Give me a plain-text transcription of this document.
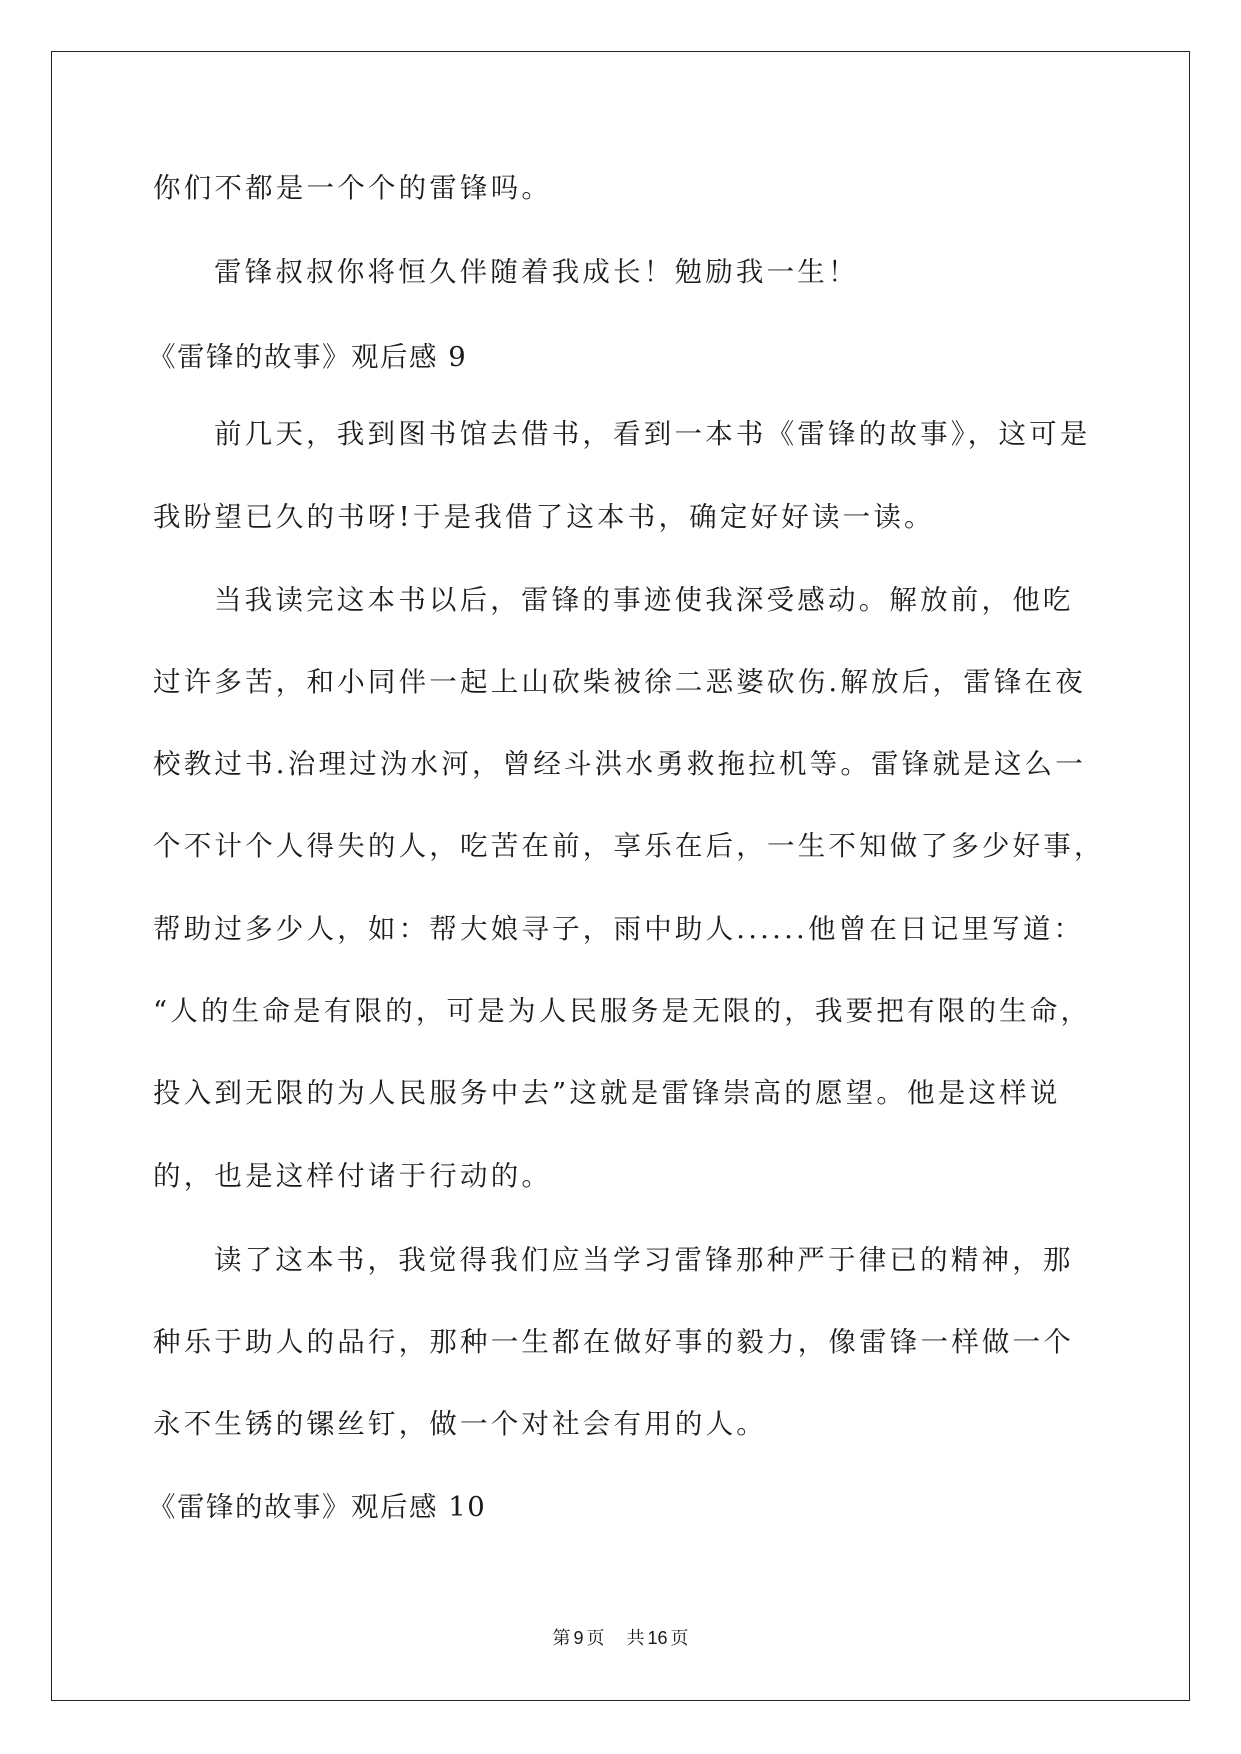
你们不都是一个个的雷锋吗。
雷锋叔叔你将恒久伴随着我成长！勉励我一生！
《雷锋的故事》观后感 9
前几天，我到图书馆去借书，看到一本书《雷锋的故事》，这可是
我盼望已久的书呀!于是我借了这本书，确定好好读一读。
当我读完这本书以后，雷锋的事迹使我深受感动。解放前，他吃
过许多苦，和小同伴一起上山砍柴被徐二恶婆砍伤.解放后，雷锋在夜
校教过书.治理过沩水河，曾经斗洪水勇救拖拉机等。雷锋就是这么一
个不计个人得失的人，吃苦在前，享乐在后，一生不知做了多少好事，
帮助过多少人，如：帮大娘寻子，雨中助人......他曾在日记里写道：
“人的生命是有限的，可是为人民服务是无限的，我要把有限的生命，
投入到无限的为人民服务中去”这就是雷锋崇高的愿望。他是这样说
的，也是这样付诸于行动的。
读了这本书，我觉得我们应当学习雷锋那种严于律已的精神，那
种乐于助人的品行，那种一生都在做好事的毅力，像雷锋一样做一个
永不生锈的镙丝钉，做一个对社会有用的人。
《雷锋的故事》观后感 10
第 9 页 共 16 页
